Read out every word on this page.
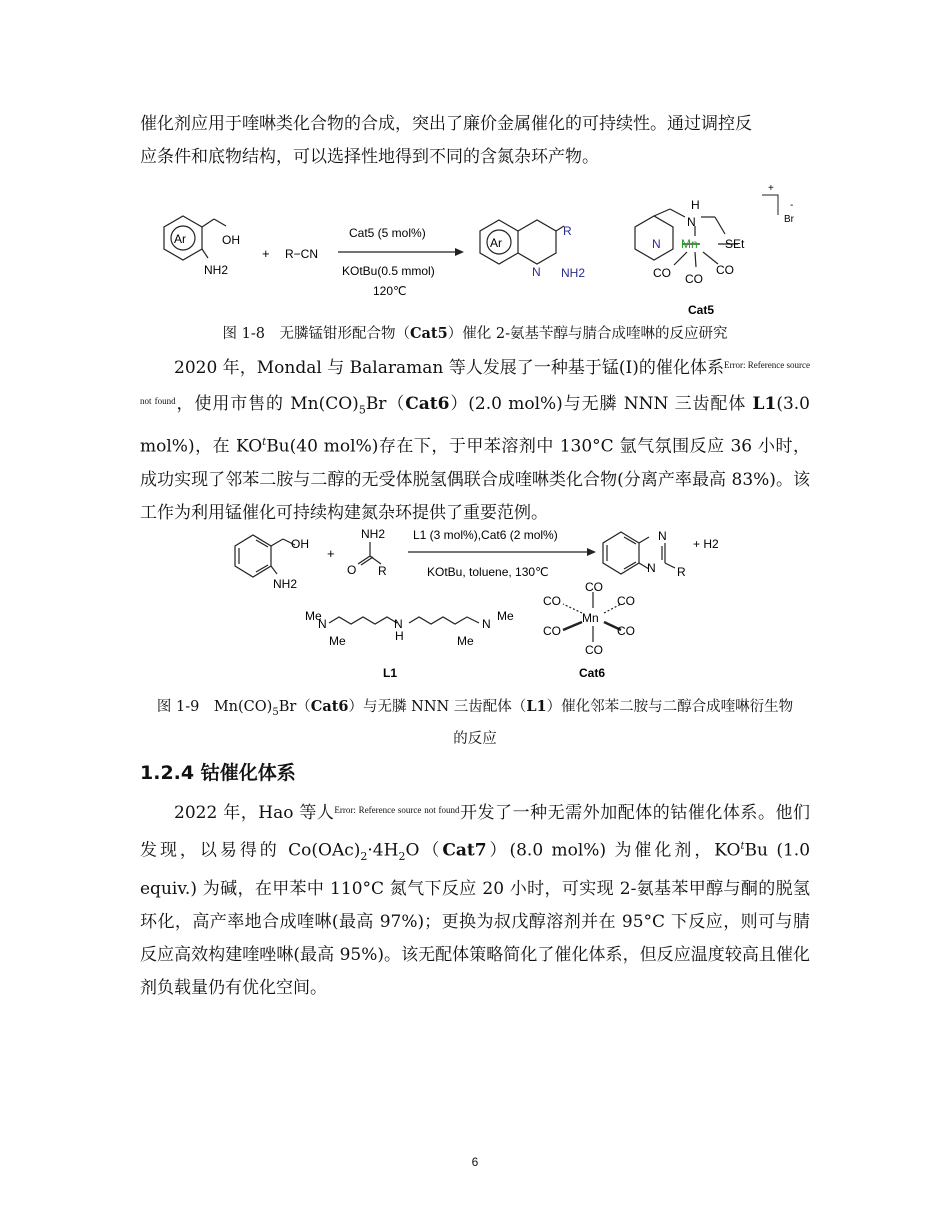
催化剂应用于喹啉类化合物的合成，突出了廉价金属催化的可持续性。通过调控反
应条件和底物结构，可以选择性地得到不同的含氮杂环产物。
Ar	OH
NH2
+ R−CN
Cat5 (5 mol%)
KOtBu(0.5 mmol)
120℃
Ar
R
N NH2
H
N
N Mn SEt
CO CO
CO
+
-
Br
Cat5
图 1-8　无膦锰钳形配合物（Cat5）催化 2-氨基苄醇与腈合成喹啉的反应研究
2020 年，Mondal 与 Balaraman 等人发展了一种基于锰(I)的催化体系$^{Error: Reference source not found}$，使用市售的 $Mn(CO)_5Br(Cat6)(2.0$ mol%)与无膦 NNN 三齿配体 L1(3.0 mol%)，在 $KO^tBu(40$ mol%)存在下，于甲苯溶剂中 130°C 氩气氛围反应 36 小时，成功实现了邻苯二胺与二醇的无受体脱氢偶联合成喹啉类化合物(分离产率最高 83%)。该工作为利用锰催化可持续构建氮杂环提供了重要范例。
OH
NH2
+
NH2
O R
L1 (3 mol%),Cat6 (2 mol%)
KOtBu, toluene, 130℃
N
N R
+ H2
Me
N
Me
N
H
N
Me
Me
L1
CO
CO	CO
Mn
CO	CO
CO
Cat6
图 1-9　$Mn(CO)_5Br(Cat6)$与无膦 NNN 三齿配体（L1）催化邻苯二胺与二醇合成喹啉衍生物
的反应
1.2.4 钴催化体系
2022 年，Hao 等人$^{Error: Reference source not found}$开发了一种无需外加配体的钴催化体系。他们发现，以易得的 $Co(OAc)_2\cdot 4H_2O(Cat7)(8.0$ mol%) 为催化剂，$KO^tBu$ (1.0 equiv.) 为碱，在甲苯中 110°C 氮气下反应 20 小时，可实现 2-氨基苯甲醇与酮的脱氢环化，高产率地合成喹啉(最高 97%)；更换为叔戊醇溶剂并在 95°C 下反应，则可与腈反应高效构建喹唑啉(最高 95%)。该无配体策略简化了催化体系，但反应温度较高且催化剂负载量仍有优化空间。
6
